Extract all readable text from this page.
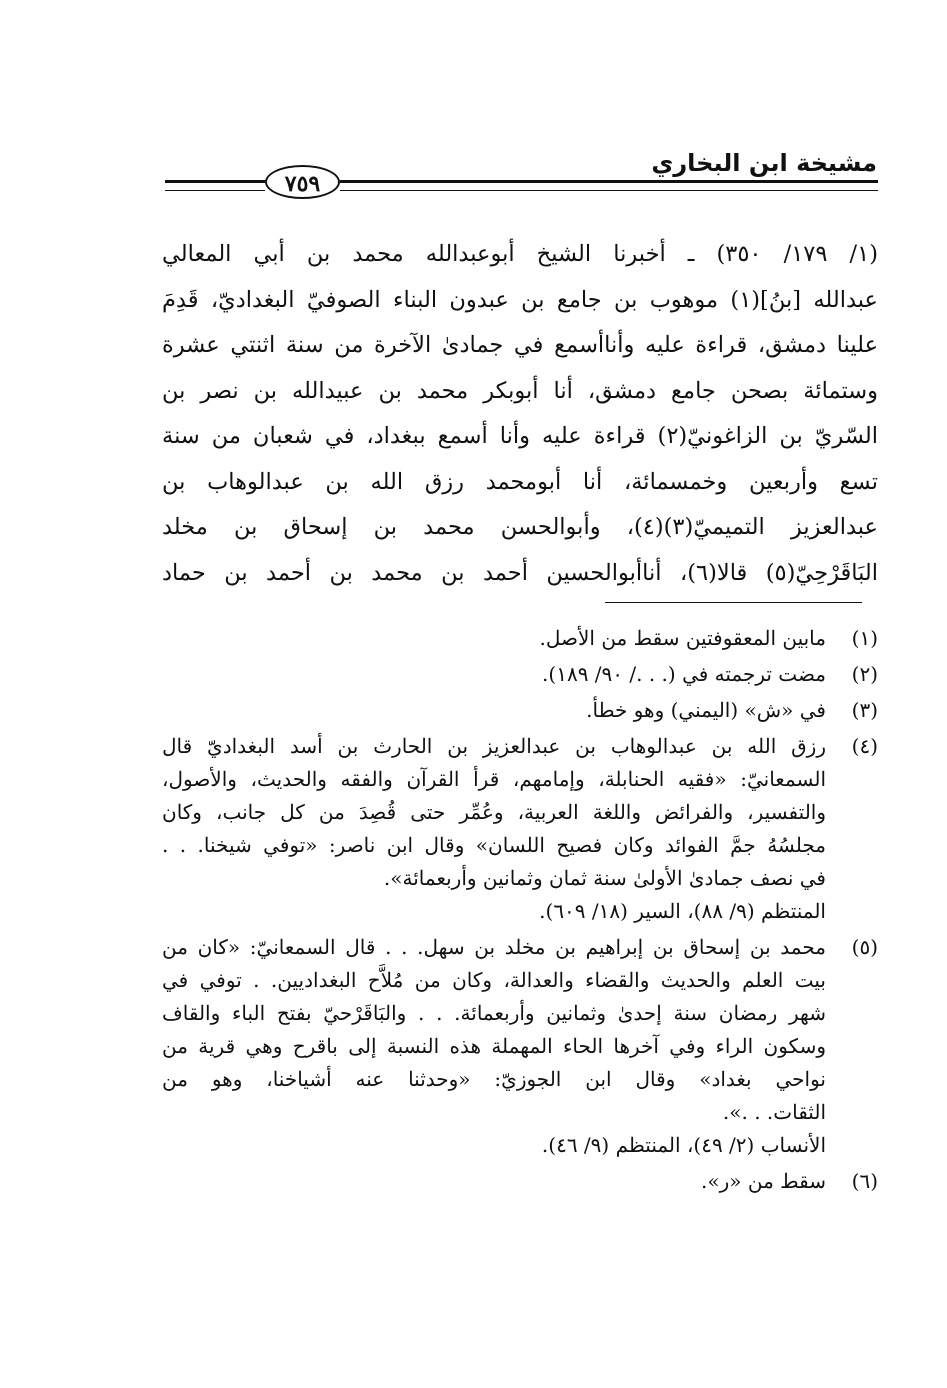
مشيخة ابن البخاري
٧٥٩
(١/ ١٧٩/ ٣٥٠) ـ أخبرنا الشيخ أبوعبدالله محمد بن أبي المعالي
عبدالله [بنُ](١) موهوب بن جامع بن عبدون البناء الصوفيّ البغداديّ، قَدِمَ
علينا دمشق، قراءة عليه وأناأسمع في جمادىٰ الآخرة من سنة اثنتي عشرة
وستمائة بصحن جامع دمشق، أنا أبوبكر محمد بن عبيدالله بن نصر بن
السّريّ بن الزاغونيّ(٢) قراءة عليه وأنا أسمع ببغداد، في شعبان من سنة
تسع وأربعين وخمسمائة، أنا أبومحمد رزق الله بن عبدالوهاب بن
عبدالعزيز التميميّ(٣)(٤)، وأبوالحسن محمد بن إسحاق بن مخلد
البَاقَرْحِيّ(٥) قالا(٦)، أناأبوالحسين أحمد بن محمد بن أحمد بن حماد
(١)
مابين المعقوفتين سقط من الأصل.
(٢)
مضت ترجمته في (. . ./ ٩٠/ ١٨٩).
(٣)
في «ش» (اليمني) وهو خطأ.
(٤)
رزق الله بن عبدالوهاب بن عبدالعزيز بن الحارث بن أسد البغداديّ قال
السمعانيّ: «فقيه الحنابلة، وإمامهم، قرأ القرآن والفقه والحديث، والأصول،
والتفسير، والفرائض واللغة العربية، وعُمِّر حتى قُصِدَ من كل جانب، وكان
مجلسُهُ جمَّ الفوائد وكان فصيح اللسان» وقال ابن ناصر: «توفي شيخنا. . .
في نصف جمادىٰ الأولىٰ سنة ثمان وثمانين وأربعمائة».
المنتظم (٩/ ٨٨)، السير (١٨/ ٦٠٩).
(٥)
محمد بن إسحاق بن إبراهيم بن مخلد بن سهل. . . قال السمعانيّ: «كان من
بيت العلم والحديث والقضاء والعدالة، وكان من مُلاَّح البغداديين. . توفي في
شهر رمضان سنة إحدىٰ وثمانين وأربعمائة. . . والبَاقَرْحيّ بفتح الباء والقاف
وسكون الراء وفي آخرها الحاء المهملة هذه النسبة إلى باقرح وهي قرية من
نواحي بغداد» وقال ابن الجوزيّ: «وحدثنا عنه أشياخنا، وهو من
الثقات. . .».
الأنساب (٢/ ٤٩)، المنتظم (٩/ ٤٦).
(٦)
سقط من «ر».
